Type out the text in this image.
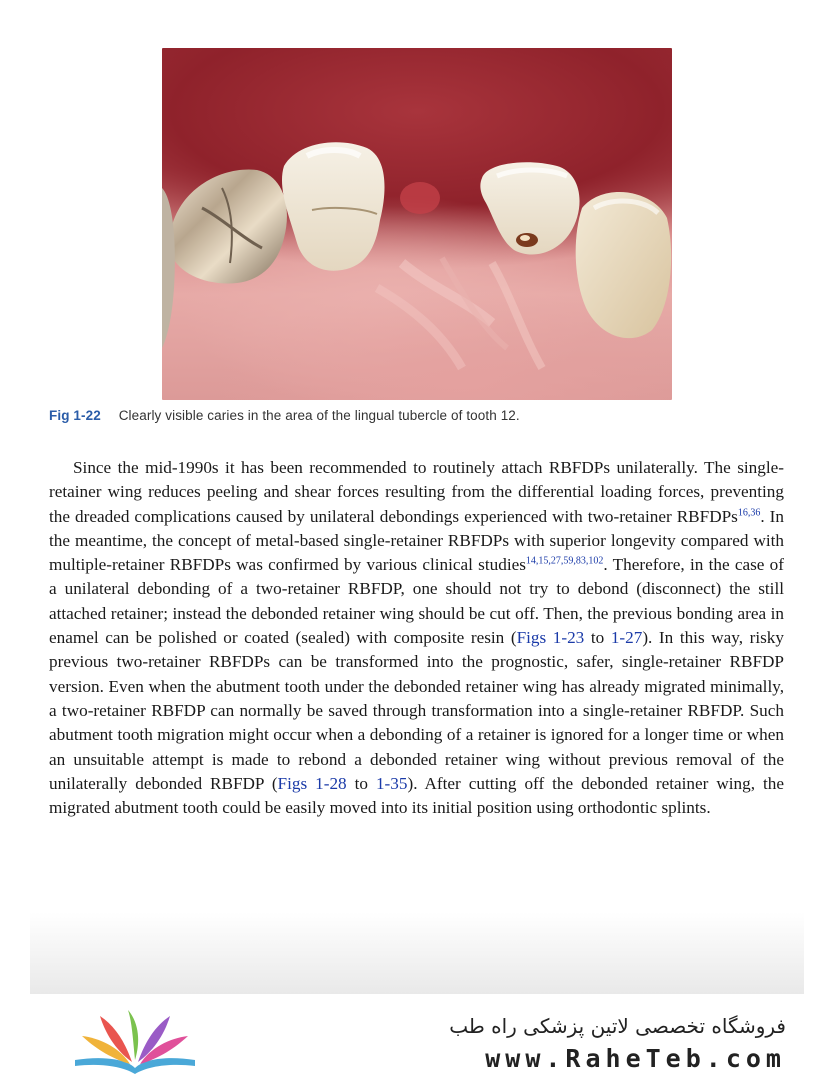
Fig 1-22 Clearly visible caries in the area of the lingual tubercle of tooth 12.

Since the mid-1990s it has been recommended to routinely attach RBFDPs unilaterally. The single-retainer wing reduces peeling and shear forces resulting from the differential loading forces, preventing the dreaded complications caused by unilateral debondings experienced with two-retainer RBFDPs$^{16,36}$. In the meantime, the concept of metal-based single-retainer RBFDPs with superior longevity compared with multiple-retainer RBFDPs was confirmed by various clinical studies$^{14,15,27,59,83,102}$. Therefore, in the case of a unilateral debonding of a two-retainer RBFDP, one should not try to debond (disconnect) the still attached retainer; instead the debonded retainer wing should be cut off. Then, the previous bonding area in enamel can be polished or coated (sealed) with composite resin (Figs 1-23 to 1-27). In this way, risky previous two-retainer RBFDPs can be transformed into the prognostic, safer, single-retainer RBFDP version. Even when the abutment tooth under the debonded retainer wing has already migrated minimally, a two-retainer RBFDP can normally be saved through transformation into a single-retainer RBFDP. Such abutment tooth migration might occur when a debonding of a retainer is ignored for a longer time or when an unsuitable attempt is made to rebond a debonded retainer wing without previous removal of the unilaterally debonded RBFDP (Figs 1-28 to 1-35). After cutting off the debonded retainer wing, the migrated abutment tooth could be easily moved into its initial position using orthodontic splints.

فروشگاه تخصصی لاتین پزشکی راه طب
www.RaheTeb.com
